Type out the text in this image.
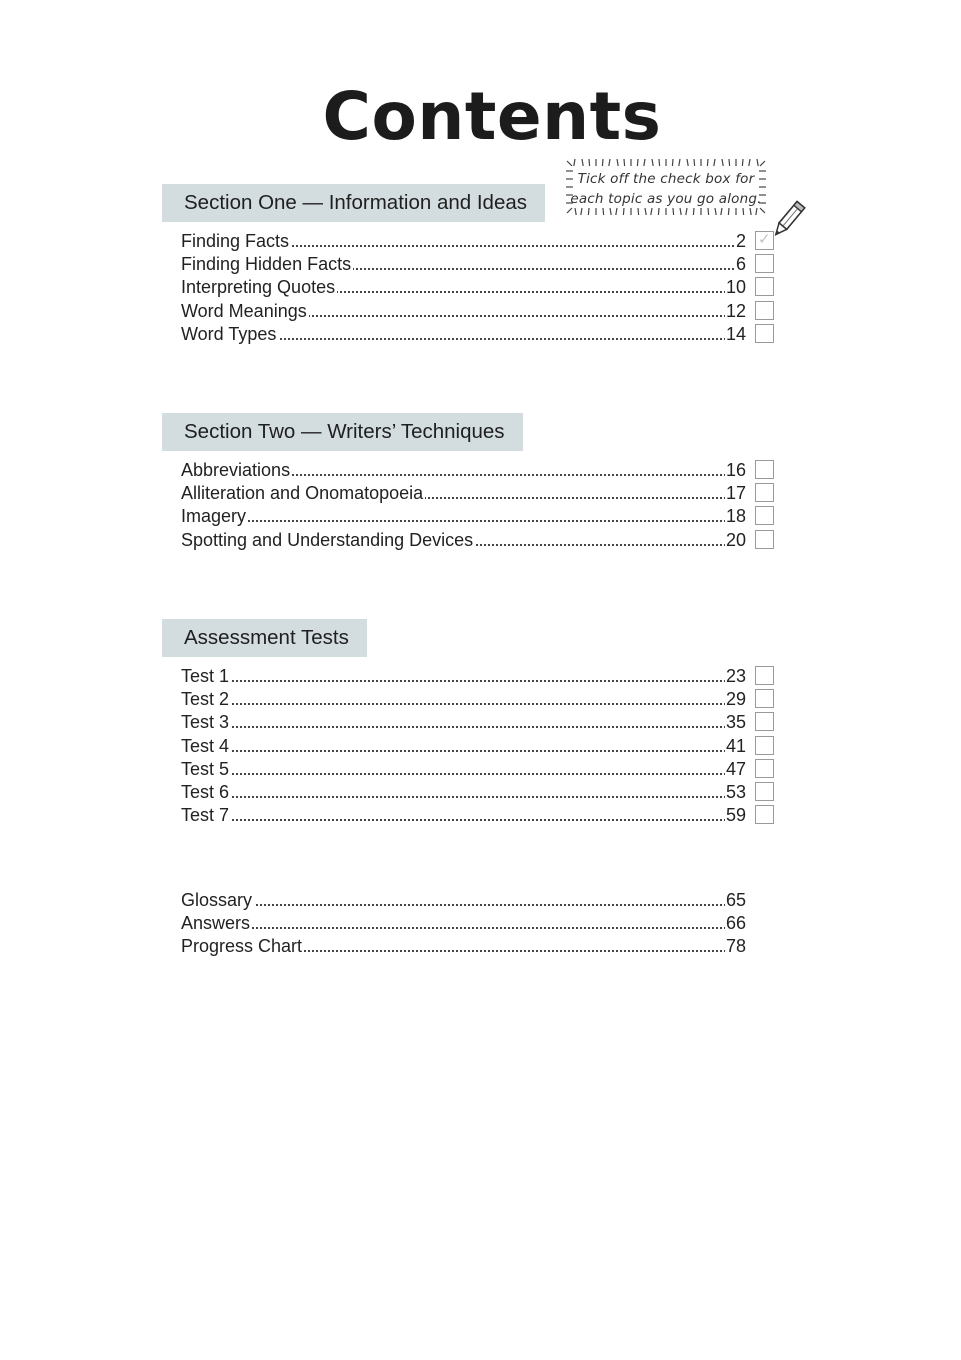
Contents
Tick off the check box for
each topic as you go along.
Section One — Information and Ideas
Finding Facts	2 ✓
Finding Hidden Facts	6
Interpreting Quotes	10
Word Meanings	12
Word Types	14
Section Two — Writers’ Techniques
Abbreviations	16
Alliteration and Onomatopoeia	17
Imagery	18
Spotting and Understanding Devices	20
Assessment Tests
Test 1	23
Test 2	29
Test 3	35
Test 4	41
Test 5	47
Test 6	53
Test 7	59
Glossary	65
Answers	66
Progress Chart	78
